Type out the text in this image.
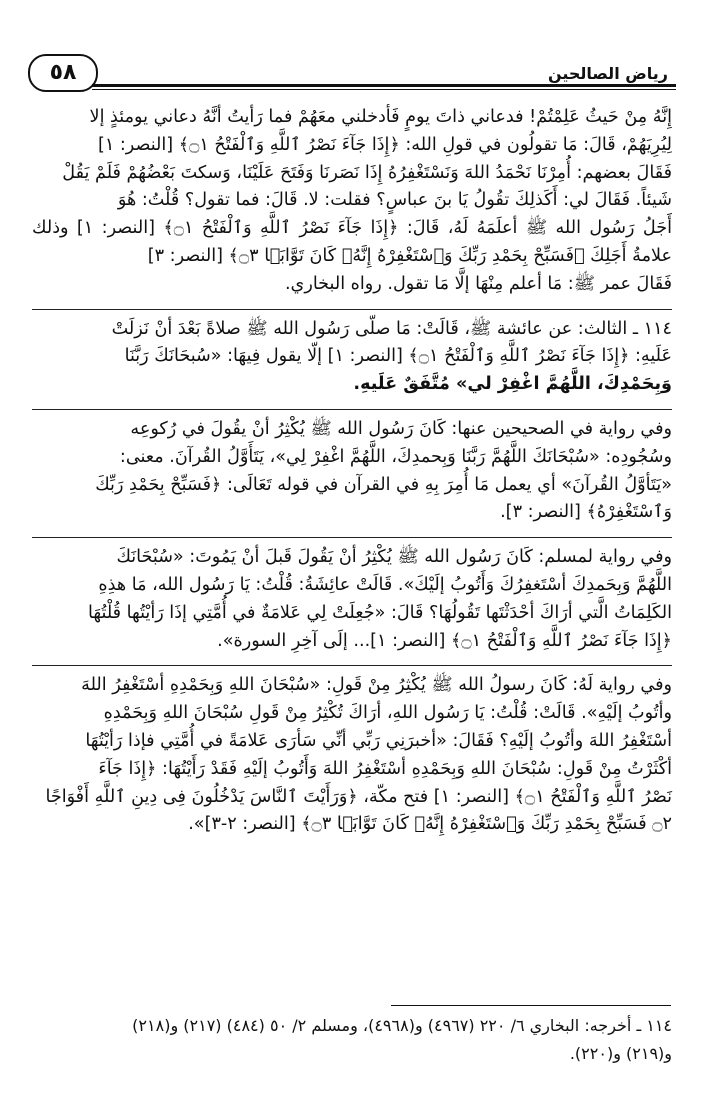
٥٨	رياض الصالحين
إِنَّهُ مِنْ حَيثُ عَلِمْتُمْ! فدعاني ذاتَ يومٍ فَأدخلني معَهُمْ فما رَأيتُ أنَّهُ دعاني يومئذٍ إلا
لِيُرِيَهُمْ، قَالَ: مَا تقولُون في قولِ الله: ﴿إِذَا جَآءَ نَصْرُ ٱللَّهِ وَٱلْفَتْحُ ۝١﴾ [النصر: ١]
فَقَالَ بعضهم: أُمِرْنَا نَحْمَدُ اللهَ وَنَسْتَغْفِرُهُ إِذَا نَصَرنَا وَفَتَحَ عَلَيْنَا، وَسكتَ بَعْضُهُمْ فَلَمْ يَقُلْ
شَيئاً. فَقَالَ لي: أَكَذلِكَ تقُولُ يَا بنَ عباسٍ؟ فقلت: لا. قَالَ: فما تقول؟ قُلْتُ: هُوَ
أَجَلُ رَسُول الله ﷺ أعلَمَهُ لَهُ، قَالَ: ﴿إِذَا جَآءَ نَصْرُ ٱللَّهِ وَٱلْفَتْحُ ۝١﴾ [النصر: ١] وذلك علامةُ أَجَلِكَ ﴿فَسَبِّحْ بِحَمْدِ رَبِّكَ وَٱسْتَغْفِرْهُ إِنَّهُۥ كَانَ تَوَّابَۢا ۝٣﴾ [النصر: ٣]
فَقَالَ عمر ﷺ: مَا أعلم مِنْهَا إلَّا مَا تقول. رواه البخاري.
١١٤ ـ الثالث: عن عائشة ﷺ، قَالَتْ: مَا صلّى رَسُول الله ﷺ صلاةً بَعْدَ أنْ نَزلَتْ
عَلَيهِ: ﴿إِذَا جَآءَ نَصْرُ ٱللَّهِ وَٱلْفَتْحُ ۝١﴾ [النصر: ١] إلّا يقول فِيهَا: «سُبحَانَكَ رَبَّنَا
وَبِحَمْدِكَ، اللَّهُمَّ اغْفِرْ لي» مُتَّفَقٌ عَلَيهِ.
وفي رواية في الصحيحين عنها: كَانَ رَسُول الله ﷺ يُكْثِرُ أنْ يقُولَ في رُكوعِه
وسُجُودِه: «سُبْحَانَكَ اللَّهُمَّ رَبَّنَا وَبِحمدِكَ، اللَّهُمَّ اغْفِرْ لِي»، يَتَأَوَّلُ القُرآنَ. معنى:
«يَتَأوَّلُ القُرآنَ» أي يعمل مَا أُمِرَ بِهِ في القرآن في قوله تَعَالَى: ﴿فَسَبِّحْ بِحَمْدِ رَبِّكَ
وَٱسْتَغْفِرْهُ﴾ [النصر: ٣].
وفي رواية لمسلم: كَانَ رَسُول الله ﷺ يُكْثِرُ أنْ يَقُولَ قَبلَ أنْ يَمُوتَ: «سُبْحَانَكَ
اللَّهُمَّ وَبِحَمدِكَ أسْتَغفِرُكَ وَأَتُوبُ إلَيْكَ». قَالَتْ عائِشَةُ: قُلْتُ: يَا رَسُول الله، مَا هذِهِ
الكَلِمَاتُ الَّتي أرَاكَ أحْدَثْتَها تَقُولُهَا؟ قَالَ: «جُعِلَتْ لِي عَلامَةٌ في أُمَّتِي إذَا رَأيْتُها قُلْتُهَا
﴿إِذَا جَآءَ نَصْرُ ٱللَّهِ وَٱلْفَتْحُ ۝١﴾ [النصر: ١]... إلَى آخِرِ السورة».
وفي رواية لَهُ: كَانَ رسولُ الله ﷺ يُكْثِرُ مِنْ قَولِ: «سُبْحَانَ اللهِ وَبِحَمْدِهِ أسْتَغْفِرُ اللهَ
وأتُوبُ إلَيْهِ». قَالَتْ: قُلْتُ: يَا رَسُول اللهِ، أرَاكَ تُكْثِرُ مِنْ قَولِ سُبْحَانَ اللهِ وَبِحَمْدِهِ
أسْتَغْفِرُ اللهَ وأتُوبُ إلَيْهِ؟ فَقَالَ: «أخبرَنِي رَبِّي أنِّي سَأرَى عَلامَةً في أُمَّتِي فإذا رَأيْتُهَا
أكْثَرْتُ مِنْ قَولِ: سُبْحَانَ اللهِ وَبِحَمْدِهِ أسْتَغْفِرُ اللهَ وَأَتُوبُ إلَيْهِ فَقَدْ رَأَيْتُهَا: ﴿إِذَا جَآءَ
نَصْرُ ٱللَّهِ وَٱلْفَتْحُ ۝١﴾ [النصر: ١] فتح مكّة، ﴿وَرَأَيْتَ ٱلنَّاسَ يَدْخُلُونَ فِى دِينِ ٱللَّهِ أَفْوَاجًا
۝٢ فَسَبِّحْ بِحَمْدِ رَبِّكَ وَٱسْتَغْفِرْهُ إِنَّهُۥ كَانَ تَوَّابَۢا ۝٣﴾ [النصر: ٢-٣]».
١١٤ ـ أخرجه: البخاري ٦/ ٢٢٠ (٤٩٦٧) و(٤٩٦٨)، ومسلم ٢/ ٥٠ (٤٨٤) (٢١٧) و(٢١٨)
و(٢١٩) و(٢٢٠).
